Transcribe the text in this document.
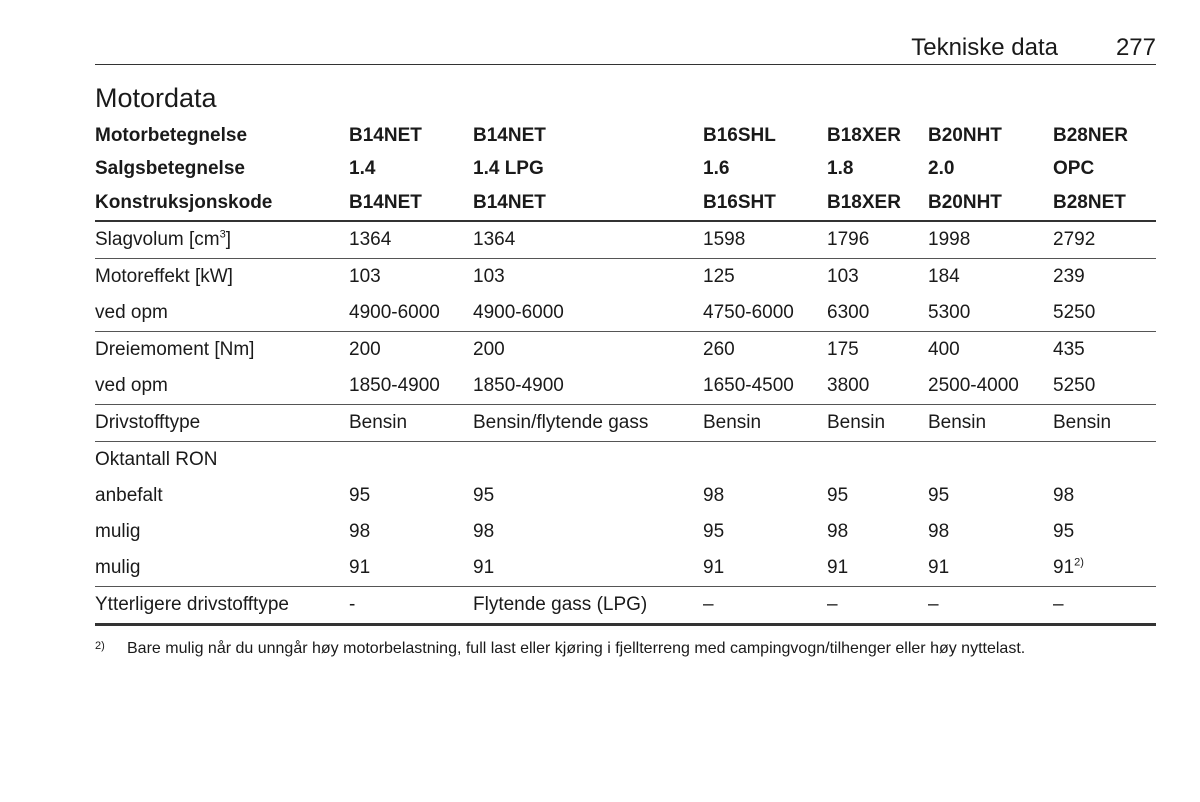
Tekniske data 277
Motordata
Motorbetegnelse	B14NET	B14NET	B16SHL	B18XER	B20NHT	B28NER
Salgsbetegnelse	1.4	1.4 LPG	1.6	1.8	2.0	OPC
Konstruksjonskode	B14NET	B14NET	B16SHT	B18XER	B20NHT	B28NET
Slagvolum $[cm^3]$	1364	1364	1598	1796	1998	2792
Motoreffekt [kW]	103	103	125	103	184	239
ved opm	4900-6000	4900-6000	4750-6000	6300	5300	5250
Dreiemoment [Nm]	200	200	260	175	400	435
ved opm	1850-4900	1850-4900	1650-4500	3800	2500-4000	5250
Drivstofftype	Bensin	Bensin/flytende gass	Bensin	Bensin	Bensin	Bensin
Oktantall RON						
anbefalt	95	95	98	95	95	98
mulig	98	98	95	98	98	95
mulig	91	91	91	91	91	91$^{2)}$
Ytterligere drivstofftype	-	Flytende gass (LPG)	–	–	–	–
2) Bare mulig når du unngår høy motorbelastning, full last eller kjøring i fjellterreng med campingvogn/tilhenger eller høy nyttelast.
